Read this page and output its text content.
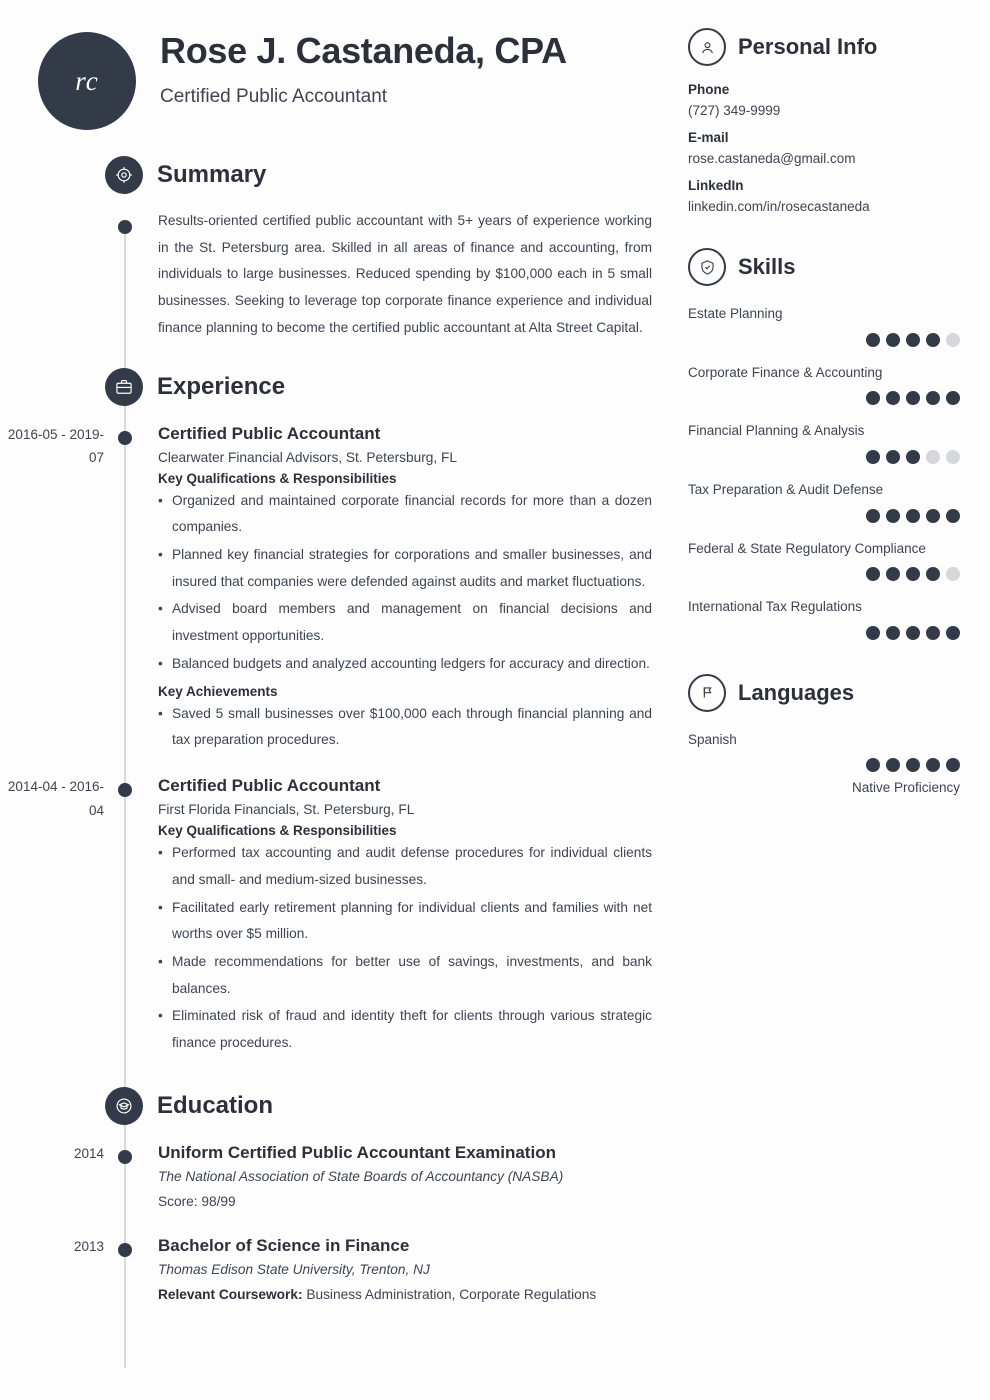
rc
Rose J. Castaneda, CPA
Certified Public Accountant
Summary
Results-oriented certified public accountant with 5+ years of experience working in the St. Petersburg area. Skilled in all areas of finance and accounting, from individuals to large businesses. Reduced spending by $100,000 each in 5 small businesses. Seeking to leverage top corporate finance experience and individual finance planning to become the certified public accountant at Alta Street Capital.
Experience
2016-05 - 2019-07
Certified Public Accountant
Clearwater Financial Advisors, St. Petersburg, FL
Key Qualifications & Responsibilities
• Organized and maintained corporate financial records for more than a dozen companies.
• Planned key financial strategies for corporations and smaller businesses, and insured that companies were defended against audits and market fluctuations.
• Advised board members and management on financial decisions and investment opportunities.
• Balanced budgets and analyzed accounting ledgers for accuracy and direction.
Key Achievements
• Saved 5 small businesses over $100,000 each through financial planning and tax preparation procedures.
2014-04 - 2016-04
Certified Public Accountant
First Florida Financials, St. Petersburg, FL
Key Qualifications & Responsibilities
• Performed tax accounting and audit defense procedures for individual clients and small- and medium-sized businesses.
• Facilitated early retirement planning for individual clients and families with net worths over $5 million.
• Made recommendations for better use of savings, investments, and bank balances.
• Eliminated risk of fraud and identity theft for clients through various strategic finance procedures.
Education
2014	Uniform Certified Public Accountant Examination
The National Association of State Boards of Accountancy (NASBA)
Score: 98/99
2013	Bachelor of Science in Finance
Thomas Edison State University, Trenton, NJ
Relevant Coursework: Business Administration, Corporate Regulations
Personal Info
Phone
(727) 349-9999
E-mail
rose.castaneda@gmail.com
LinkedIn
linkedin.com/in/rosecastaneda
Skills
Estate Planning
Corporate Finance & Accounting
Financial Planning & Analysis
Tax Preparation & Audit Defense
Federal & State Regulatory Compliance
International Tax Regulations
Languages
Spanish
Native Proficiency
